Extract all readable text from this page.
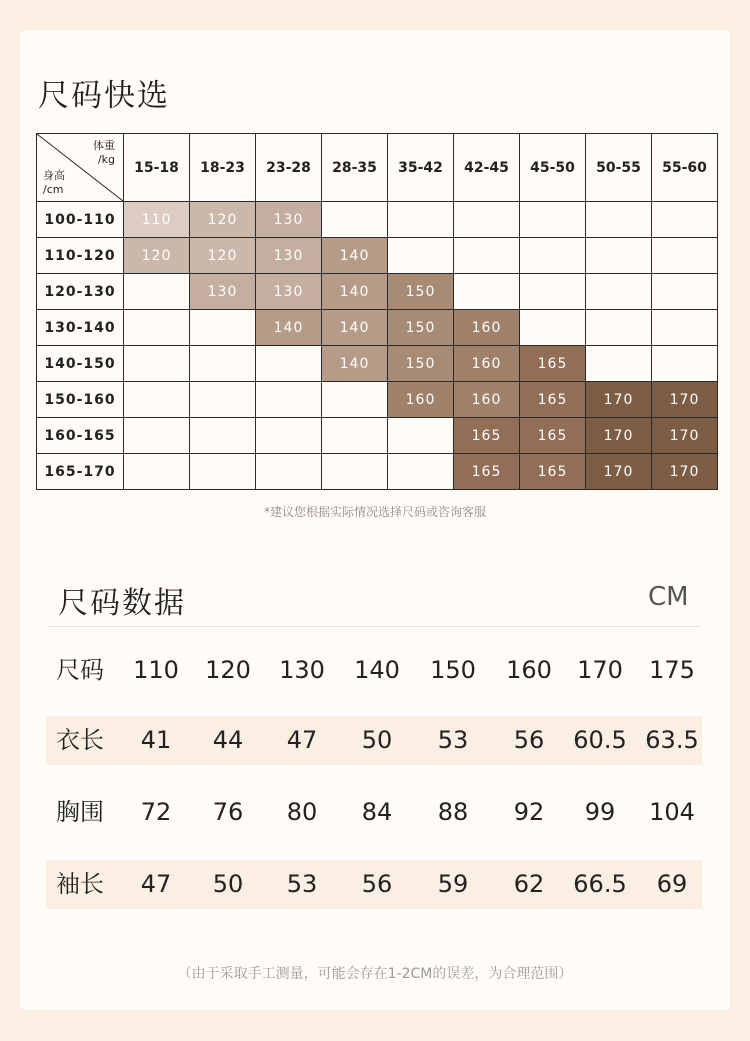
尺码快选
体重
/kg
身高
/cm	15-18	18-23	23-28	28-35	35-42	42-45	45-50	50-55	55-60
100-110	110	120	130						
110-120	120	120	130	140					
120-130		130	130	140	150				
130-140			140	140	150	160			
140-150				140	150	160	165		
150-160					160	160	165	170	170
160-165						165	165	170	170
165-170						165	165	170	170
*建议您根据实际情况选择尺码或咨询客服
尺码数据	CM
尺码	110	120	130	140	150	160	170	175
衣长	41	44	47	50	53	56	60.5 63.5
胸围	72	76	80	84	88	92	99	104
袖长	47	50	53	56	59	62	66.5	69
（由于采取手工测量，可能会存在1-2CM的误差，为合理范围）
